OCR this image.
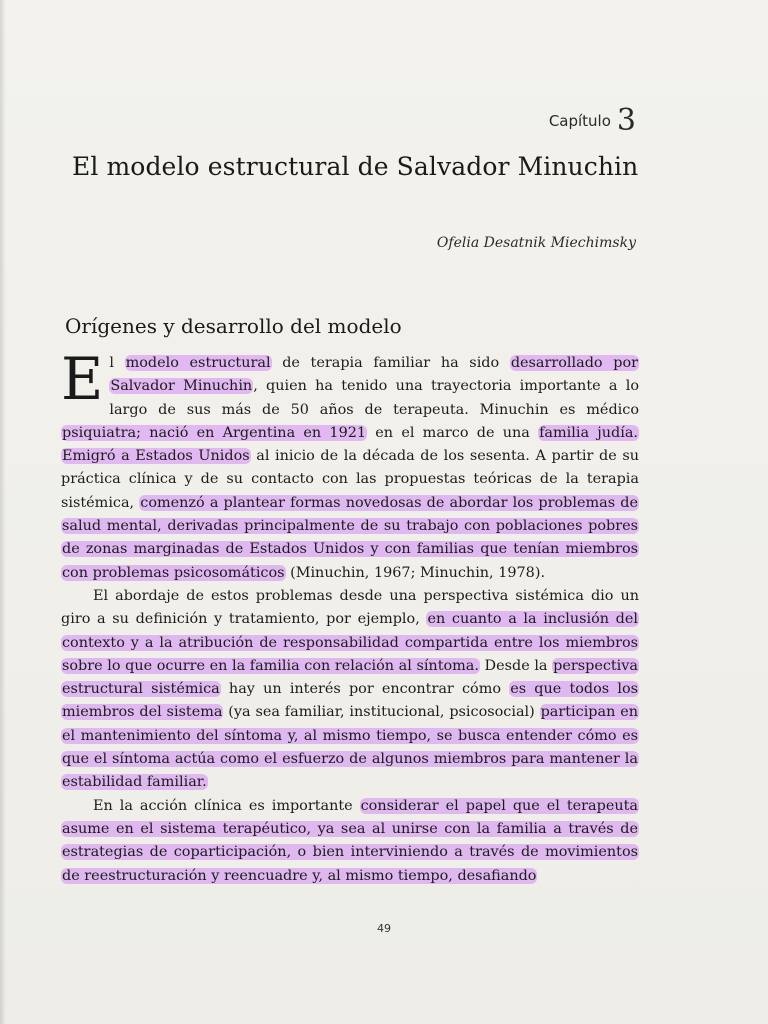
Capítulo 3
El modelo estructural de Salvador Minuchin
Ofelia Desatnik Miechimsky
Orígenes y desarrollo del modelo

El modelo estructural de terapia familiar ha sido desarrollado por Salvador Minuchin, quien ha tenido una trayectoria importante a lo largo de sus más de 50 años de terapeuta. Minuchin es médico psiquiatra; nació en Argentina en 1921 en el marco de una familia judía. Emigró a Estados Unidos al inicio de la década de los sesenta. A partir de su práctica clínica y de su contacto con las propuestas teóricas de la terapia sistémica, comenzó a plantear formas novedosas de abordar los problemas de salud mental, derivadas principalmente de su trabajo con poblaciones pobres de zonas marginadas de Estados Unidos y con familias que tenían miembros con problemas psicosomáticos (Minuchin, 1967; Minuchin, 1978).

El abordaje de estos problemas desde una perspectiva sistémica dio un giro a su definición y tratamiento, por ejemplo, en cuanto a la inclusión del contexto y a la atribución de responsabilidad compartida entre los miembros sobre lo que ocurre en la familia con relación al síntoma. Desde la perspectiva estructural sistémica hay un interés por encontrar cómo es que todos los miembros del sistema (ya sea familiar, institucional, psicosocial) participan en el mantenimiento del síntoma y, al mismo tiempo, se busca entender cómo es que el síntoma actúa como el esfuerzo de algunos miembros para mantener la estabilidad familiar.

En la acción clínica es importante considerar el papel que el terapeuta asume en el sistema terapéutico, ya sea al unirse con la familia a través de estrategias de coparticipación, o bien interviniendo a través de movimientos de reestructuración y reencuadre y, al mismo tiempo, desafiando

49
